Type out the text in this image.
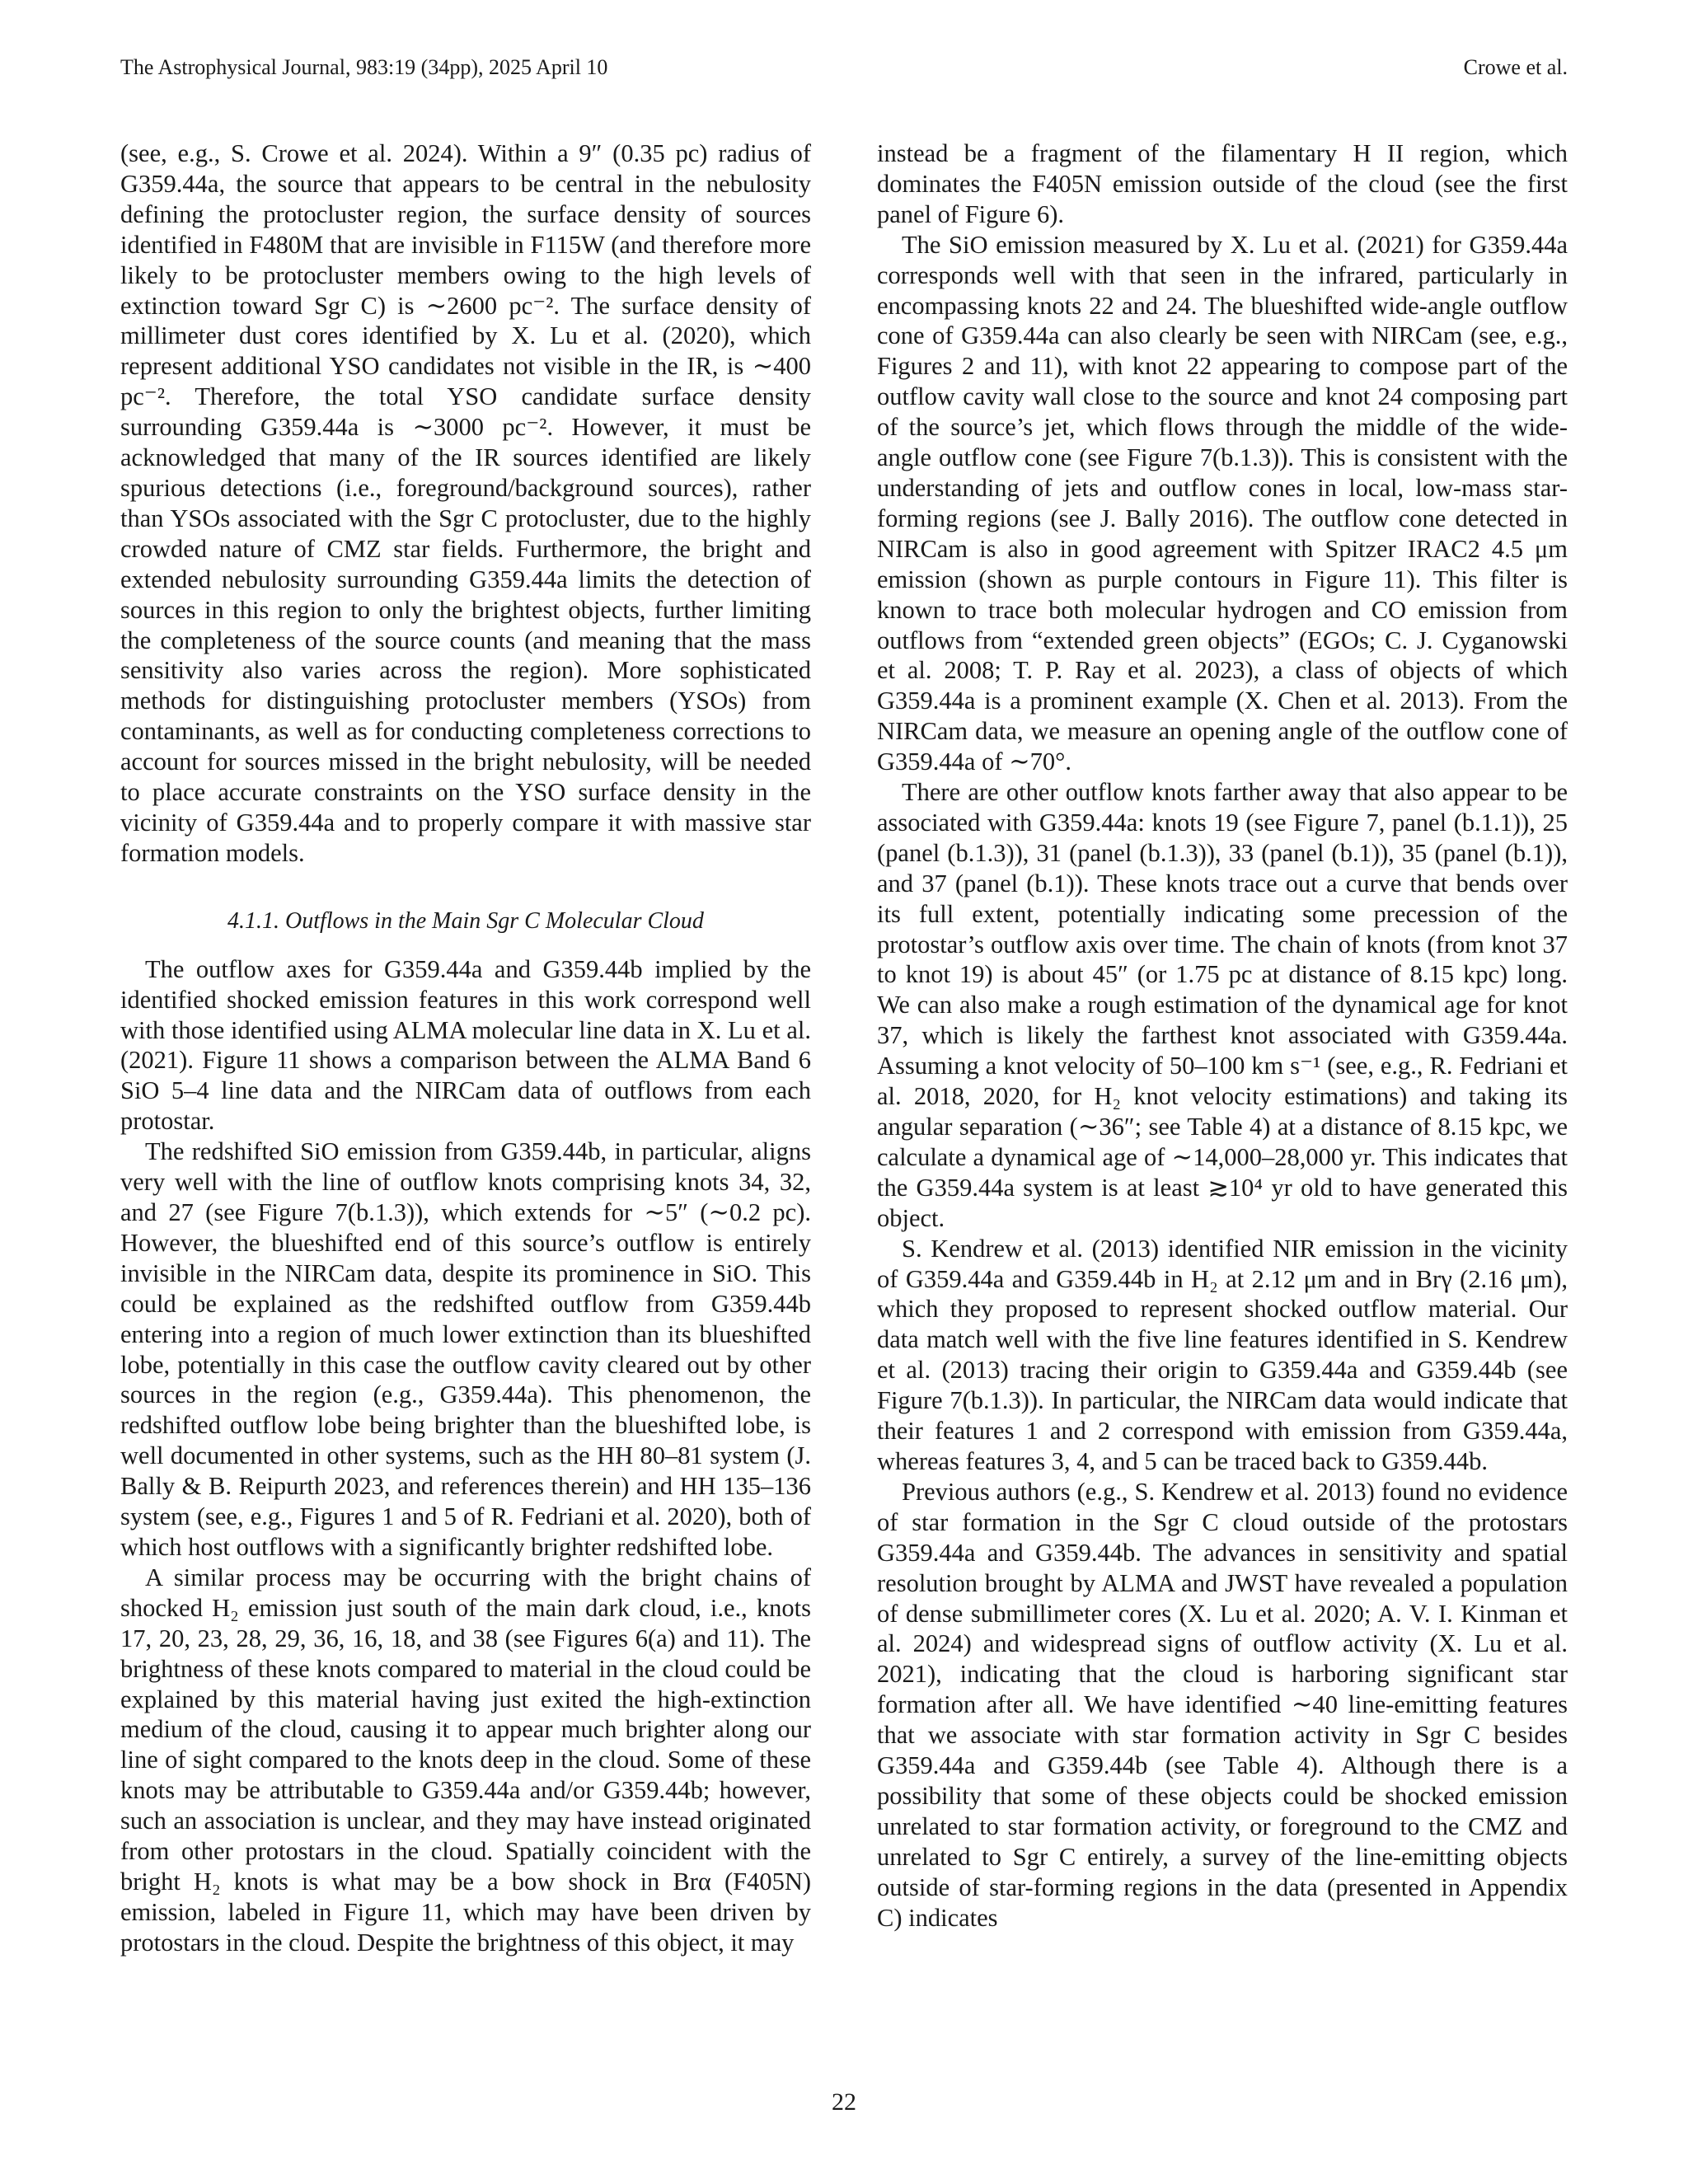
The Astrophysical Journal, 983:19 (34pp), 2025 April 10	Crowe et al.

(see, e.g., S. Crowe et al. 2024). Within a 9″ (0.35 pc) radius of G359.44a, the source that appears to be central in the nebulosity defining the protocluster region, the surface density of sources identified in F480M that are invisible in F115W (and therefore more likely to be protocluster members owing to the high levels of extinction toward Sgr C) is ∼2600 pc⁻². The surface density of millimeter dust cores identified by X. Lu et al. (2020), which represent additional YSO candidates not visible in the IR, is ∼400 pc⁻². Therefore, the total YSO candidate surface density surrounding G359.44a is ∼3000 pc⁻². However, it must be acknowledged that many of the IR sources identified are likely spurious detections (i.e., foreground/background sources), rather than YSOs associated with the Sgr C protocluster, due to the highly crowded nature of CMZ star fields. Furthermore, the bright and extended nebulosity surrounding G359.44a limits the detection of sources in this region to only the brightest objects, further limiting the completeness of the source counts (and meaning that the mass sensitivity also varies across the region). More sophisticated methods for distinguishing protocluster members (YSOs) from contaminants, as well as for conducting completeness corrections to account for sources missed in the bright nebulosity, will be needed to place accurate constraints on the YSO surface density in the vicinity of G359.44a and to properly compare it with massive star formation models.

4.1.1. Outflows in the Main Sgr C Molecular Cloud

The outflow axes for G359.44a and G359.44b implied by the identified shocked emission features in this work correspond well with those identified using ALMA molecular line data in X. Lu et al. (2021). Figure 11 shows a comparison between the ALMA Band 6 SiO 5–4 line data and the NIRCam data of outflows from each protostar.

The redshifted SiO emission from G359.44b, in particular, aligns very well with the line of outflow knots comprising knots 34, 32, and 27 (see Figure 7(b.1.3)), which extends for ∼5″ (∼0.2 pc). However, the blueshifted end of this source’s outflow is entirely invisible in the NIRCam data, despite its prominence in SiO. This could be explained as the redshifted outflow from G359.44b entering into a region of much lower extinction than its blueshifted lobe, potentially in this case the outflow cavity cleared out by other sources in the region (e.g., G359.44a). This phenomenon, the redshifted outflow lobe being brighter than the blueshifted lobe, is well documented in other systems, such as the HH 80–81 system (J. Bally & B. Reipurth 2023, and references therein) and HH 135–136 system (see, e.g., Figures 1 and 5 of R. Fedriani et al. 2020), both of which host outflows with a significantly brighter redshifted lobe.

A similar process may be occurring with the bright chains of shocked H₂ emission just south of the main dark cloud, i.e., knots 17, 20, 23, 28, 29, 36, 16, 18, and 38 (see Figures 6(a) and 11). The brightness of these knots compared to material in the cloud could be explained by this material having just exited the high-extinction medium of the cloud, causing it to appear much brighter along our line of sight compared to the knots deep in the cloud. Some of these knots may be attributable to G359.44a and/or G359.44b; however, such an association is unclear, and they may have instead originated from other protostars in the cloud. Spatially coincident with the bright H₂ knots is what may be a bow shock in Brα (F405N) emission, labeled in Figure 11, which may have been driven by protostars in the cloud. Despite the brightness of this object, it may

instead be a fragment of the filamentary H II region, which dominates the F405N emission outside of the cloud (see the first panel of Figure 6).

The SiO emission measured by X. Lu et al. (2021) for G359.44a corresponds well with that seen in the infrared, particularly in encompassing knots 22 and 24. The blueshifted wide-angle outflow cone of G359.44a can also clearly be seen with NIRCam (see, e.g., Figures 2 and 11), with knot 22 appearing to compose part of the outflow cavity wall close to the source and knot 24 composing part of the source’s jet, which flows through the middle of the wide-angle outflow cone (see Figure 7(b.1.3)). This is consistent with the understanding of jets and outflow cones in local, low-mass star-forming regions (see J. Bally 2016). The outflow cone detected in NIRCam is also in good agreement with Spitzer IRAC2 4.5 μm emission (shown as purple contours in Figure 11). This filter is known to trace both molecular hydrogen and CO emission from outflows from “extended green objects” (EGOs; C. J. Cyganowski et al. 2008; T. P. Ray et al. 2023), a class of objects of which G359.44a is a prominent example (X. Chen et al. 2013). From the NIRCam data, we measure an opening angle of the outflow cone of G359.44a of ∼70°.

There are other outflow knots farther away that also appear to be associated with G359.44a: knots 19 (see Figure 7, panel (b.1.1)), 25 (panel (b.1.3)), 31 (panel (b.1.3)), 33 (panel (b.1)), 35 (panel (b.1)), and 37 (panel (b.1)). These knots trace out a curve that bends over its full extent, potentially indicating some precession of the protostar’s outflow axis over time. The chain of knots (from knot 37 to knot 19) is about 45″ (or 1.75 pc at distance of 8.15 kpc) long. We can also make a rough estimation of the dynamical age for knot 37, which is likely the farthest knot associated with G359.44a. Assuming a knot velocity of 50–100 km s⁻¹ (see, e.g., R. Fedriani et al. 2018, 2020, for H₂ knot velocity estimations) and taking its angular separation (∼36″; see Table 4) at a distance of 8.15 kpc, we calculate a dynamical age of ∼14,000–28,000 yr. This indicates that the G359.44a system is at least ≳10⁴ yr old to have generated this object.

S. Kendrew et al. (2013) identified NIR emission in the vicinity of G359.44a and G359.44b in H₂ at 2.12 μm and in Brγ (2.16 μm), which they proposed to represent shocked outflow material. Our data match well with the five line features identified in S. Kendrew et al. (2013) tracing their origin to G359.44a and G359.44b (see Figure 7(b.1.3)). In particular, the NIRCam data would indicate that their features 1 and 2 correspond with emission from G359.44a, whereas features 3, 4, and 5 can be traced back to G359.44b.

Previous authors (e.g., S. Kendrew et al. 2013) found no evidence of star formation in the Sgr C cloud outside of the protostars G359.44a and G359.44b. The advances in sensitivity and spatial resolution brought by ALMA and JWST have revealed a population of dense submillimeter cores (X. Lu et al. 2020; A. V. I. Kinman et al. 2024) and widespread signs of outflow activity (X. Lu et al. 2021), indicating that the cloud is harboring significant star formation after all. We have identified ∼40 line-emitting features that we associate with star formation activity in Sgr C besides G359.44a and G359.44b (see Table 4). Although there is a possibility that some of these objects could be shocked emission unrelated to star formation activity, or foreground to the CMZ and unrelated to Sgr C entirely, a survey of the line-emitting objects outside of star-forming regions in the data (presented in Appendix C) indicates

22
